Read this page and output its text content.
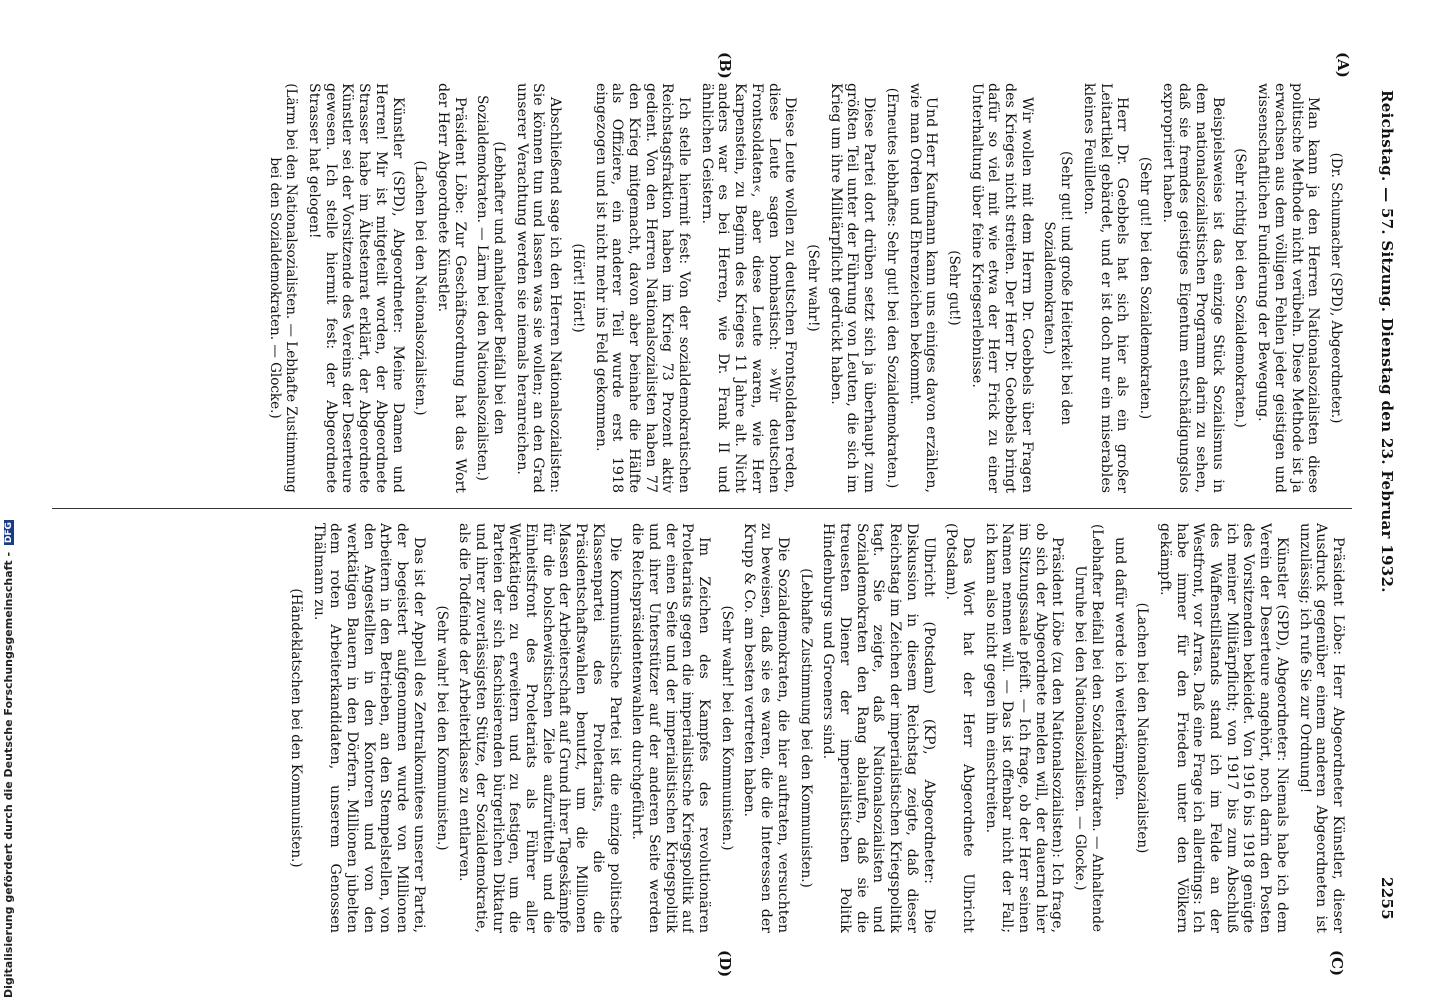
Reichstag. — 57. Sitzung. Dienstag den 23. Februar 1932.
2255
(A)
(B)
(C)
(D)

(Dr. Schumacher (SPD), Abgeordneter.)

Man kann ja den Herren Nationalsozialisten diese politische Methode nicht verübeln. Diese Methode ist ja erwachsen aus dem völligen Fehlen jeder geistigen und wissenschaftlichen Fundierung der Bewegung.

(Sehr richtig bei den Sozialdemokraten.)

Beispielsweise ist das einzige Stück Sozialismus in dem nationalsozialistischen Programm darin zu sehen, daß sie fremdes geistiges Eigentum entschädigungslos expropriiert haben.

(Sehr gut! bei den Sozialdemokraten.)

Herr Dr. Goebbels hat sich hier als ein großer Leitartikel gebärdet, und er ist doch nur ein miserables kleines Feuilleton.

(Sehr gut! und große Heiterkeit bei den Sozialdemokraten.)

Wir wollen mit dem Herrn Dr. Goebbels über Fragen des Krieges nicht streiten. Der Herr Dr. Goebbels bringt dafür so viel mit wie etwa der Herr Frick zu einer Unterhaltung über feine Kriegserlebnisse.

(Sehr gut!)

Und Herr Kaufmann kann uns einiges davon erzählen, wie man Orden und Ehrenzeichen bekommt.

(Erneutes lebhaftes: Sehr gut! bei den Sozialdemokraten.)

Diese Partei dort drüben setzt sich ja überhaupt zum größten Teil unter der Führung von Leuten, die sich im Krieg um ihre Militärpflicht gedrückt haben.

(Sehr wahr!)

Diese Leute wollen zu deutschen Frontsoldaten reden, diese Leute sagen bombastisch: »Wir deutschen Frontsoldaten«, aber diese Leute waren, wie Herr Karpenstein, zu Beginn des Krieges 11 Jahre alt. Nicht anders war es bei Herren, wie Dr. Frank II und ähnlichen Geistern.

Ich stelle hiermit fest: Von der sozialdemokratischen Reichstagsfraktion haben im Krieg 73 Prozent aktiv gedient. Von den Herren Nationalsozialisten haben 77 den Krieg mitgemacht, davon aber beinahe die Hälfte als Offiziere, ein anderer Teil wurde erst 1918 eingezogen und ist nicht mehr ins Feld gekommen.

(Hört! Hört!)

Abschließend sage ich den Herren Nationalsozialisten: Sie können tun und lassen was sie wollen; an den Grad unserer Verachtung werden sie niemals heranreichen.

(Lebhafter und anhaltender Beifall bei den Sozialdemokraten. — Lärm bei den Nationalsozialisten.)

Präsident Löbe: Zur Geschäftsordnung hat das Wort der Herr Abgeordnete Künstler.

(Lachen bei den Nationalsozialisten.)

Künstler (SPD), Abgeordneter: Meine Damen und Herren! Mir ist mitgeteilt worden, der Abgeordnete Strasser habe im Ältestenrat erklärt, der Abgeordnete Künstler sei der Vorsitzende des Vereins der Deserteure gewesen. Ich stelle hiermit fest: der Abgeordnete Strasser hat gelogen!

(Lärm bei den Nationalsozialisten. — Lebhafte Zustimmung bei den Sozialdemokraten. — Glocke.)

Präsident Löbe: Herr Abgeordneter Künstler, dieser Ausdruck gegenüber einem anderen Abgeordneten ist unzulässig; ich rufe Sie zur Ordnung!

Künstler (SPD), Abgeordneter: Niemals habe ich dem Verein der Deserteure angehört, noch darin den Posten des Vorsitzenden bekleidet. Von 1916 bis 1918 genügte ich meiner Militärpflicht; von 1917 bis zum Abschluß des Waffenstillstands stand ich im Felde an der Westfront, vor Arras. Daß eine Frage ich allerdings: Ich habe immer für den Frieden unter den Völkern gekämpft.

(Lachen bei den Nationalsozialisten)

und dafür werde ich weiterkämpfen.

(Lebhafter Beifall bei den Sozialdemokraten. — Anhaltende Unruhe bei den Nationalsozialisten. — Glocke.)

Präsident Löbe (zu den Nationalsozialisten): Ich frage, ob sich der Abgeordnete melden will, der dauernd hier im Sitzungssaale pfeift. — Ich frage, ob der Herr seinen Namen nennen will. — Das ist offenbar nicht der Fall; ich kann also nicht gegen ihn einschreiten.

Das Wort hat der Herr Abgeordnete Ulbricht (Potsdam).

Ulbricht (Potsdam) (KP), Abgeordneter: Die Diskussion in diesem Reichstag zeigte, daß dieser Reichstag im Zeichen der imperialistischen Kriegspolitik tagt. Sie zeigte, daß Nationalsozialisten und Sozialdemokraten den Rang ablaufen, daß sie die treuesten Diener der imperialistischen Politik Hindenburgs und Groeners sind.

(Lebhafte Zustimmung bei den Kommunisten.)

Die Sozialdemokraten, die hier auftraten, versuchten zu beweisen, daß sie es waren, die die Interessen der Krupp & Co. am besten vertreten haben.

(Sehr wahr! bei den Kommunisten.)

Im Zeichen des Kampfes des revolutionären Proletariats gegen die imperialistische Kriegspolitik auf der einen Seite und der imperialistischen Kriegspolitik und ihrer Unterstützer auf der anderen Seite werden die Reichspräsidentenwahlen durchgeführt.

Die Kommunistische Partei ist die einzige politische Klassenpartei des Proletariats, die die Präsidentschaftswahlen benutzt, um die Millionen Massen der Arbeiterschaft auf Grund ihrer Tageskämpfe für die bolschewistischen Ziele aufzurütteln und die Einheitsfront des Proletariats als Führer aller Werktätigen zu erweitern und zu festigen, um die Parteien der sich faschisierenden bürgerlichen Diktatur und ihrer zuverlässigsten Stütze, der Sozialdemokratie, als die Todfeinde der Arbeiterklasse zu entlarven.

(Sehr wahr! bei den Kommunisten.)

Das ist der Appell des Zentralkomitees unserer Partei, der begeistert aufgenommen wurde von Millionen Arbeitern in den Betrieben, an den Stempelstellen, von den Angestellten in den Kontoren und von den werktätigen Bauern in den Dörfern. Millionen jubelten dem roten Arbeiterkandidaten, unserem Genossen Thälmann zu.

(Händeklatschen bei den Kommunisten.)

Digitalisierung gefördert durch die Deutsche Forschungsgemeinschaft - DFG
